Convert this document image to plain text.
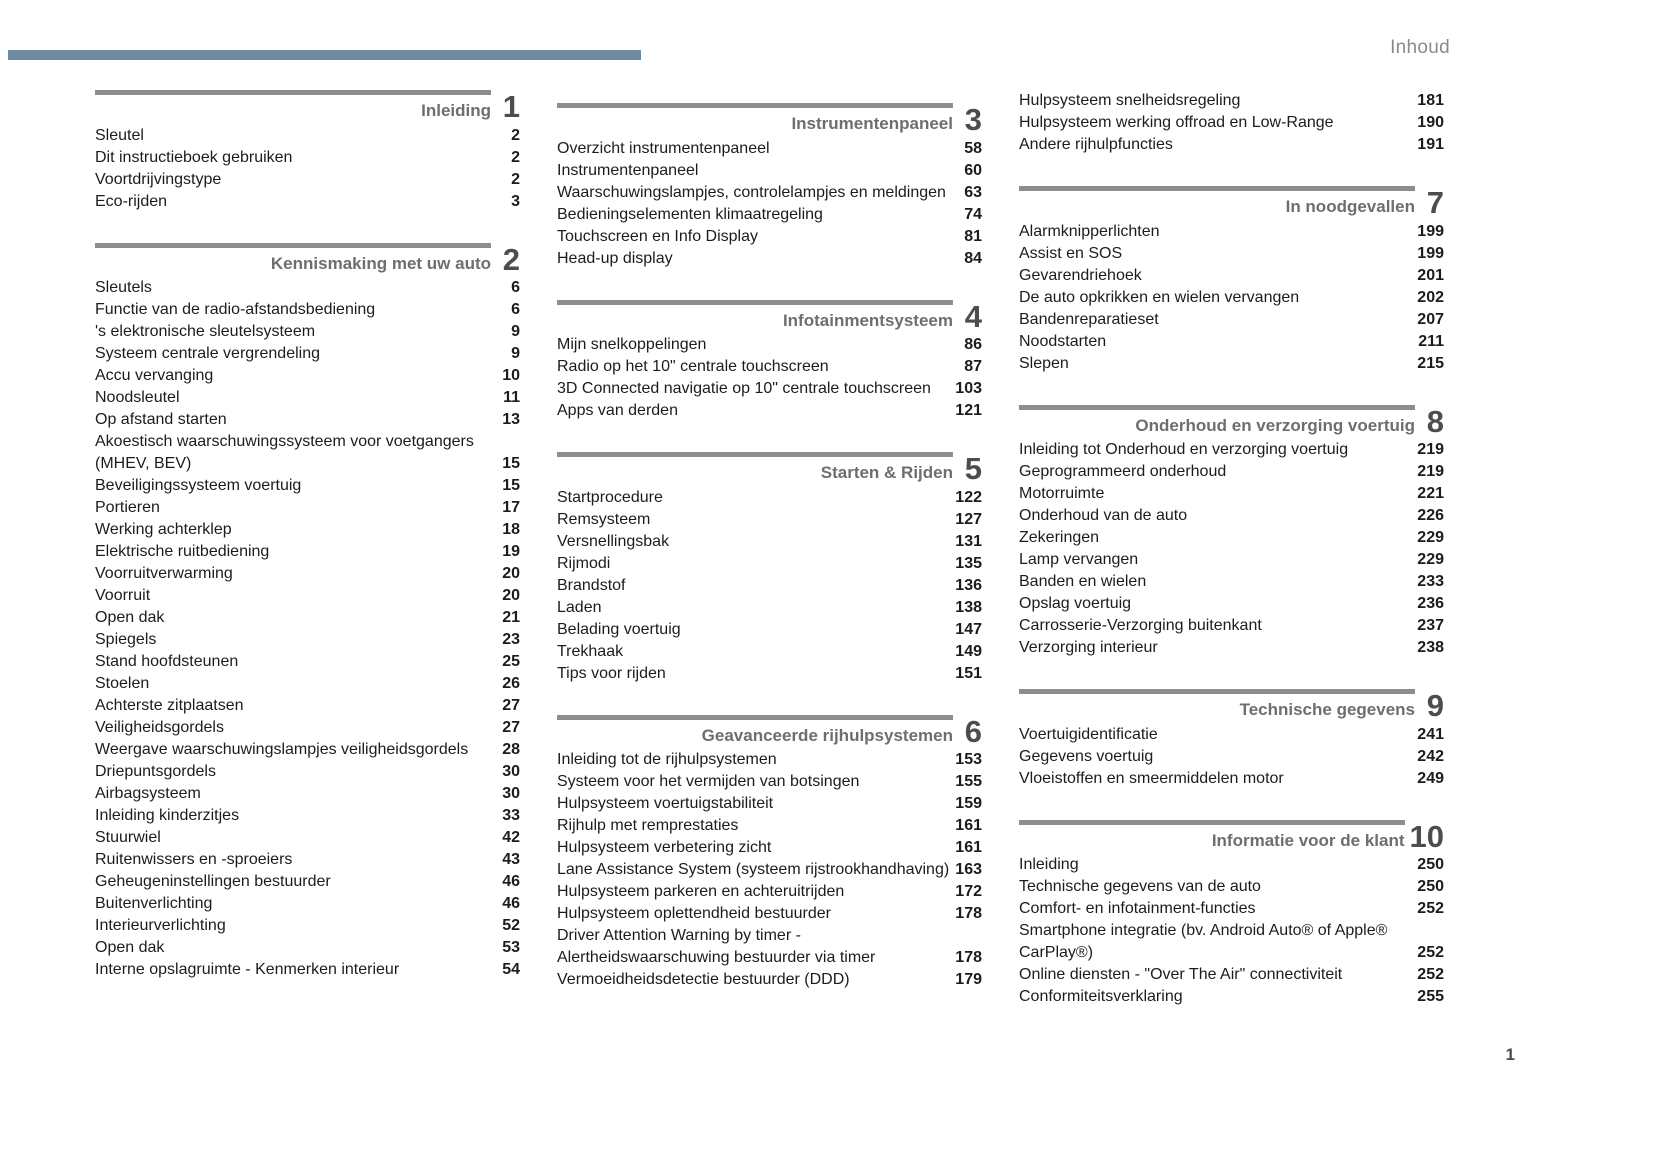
Inhoud
Inleiding 1
Sleutel	2
Dit instructieboek gebruiken	2
Voortdrijvingstype	2
Eco-rijden	3
Kennismaking met uw auto 2
Sleutels	6
Functie van de radio-afstandsbediening	6
's elektronische sleutelsysteem	9
Systeem centrale vergrendeling	9
Accu vervanging	10
Noodsleutel	11
Op afstand starten	13
Akoestisch waarschuwingssysteem voor voetgangers (MHEV, BEV)	15
Beveiligingssysteem voertuig	15
Portieren	17
Werking achterklep	18
Elektrische ruitbediening	19
Voorruitverwarming	20
Voorruit	20
Open dak	21
Spiegels	23
Stand hoofdsteunen	25
Stoelen	26
Achterste zitplaatsen	27
Veiligheidsgordels	27
Weergave waarschuwingslampjes veiligheidsgordels	28
Driepuntsgordels	30
Airbagsysteem	30
Inleiding kinderzitjes	33
Stuurwiel	42
Ruitenwissers en -sproeiers	43
Geheugeninstellingen bestuurder	46
Buitenverlichting	46
Interieurverlichting	52
Open dak	53
Interne opslagruimte - Kenmerken interieur	54
Instrumentenpaneel 3
Overzicht instrumentenpaneel	58
Instrumentenpaneel	60
Waarschuwingslampjes, controlelampjes en meldingen	63
Bedieningselementen klimaatregeling	74
Touchscreen en Info Display	81
Head-up display	84
Infotainmentsysteem 4
Mijn snelkoppelingen	86
Radio op het 10" centrale touchscreen	87
3D Connected navigatie op 10" centrale touchscreen	103
Apps van derden	121
Starten & Rijden 5
Startprocedure	122
Remsysteem	127
Versnellingsbak	131
Rijmodi	135
Brandstof	136
Laden	138
Belading voertuig	147
Trekhaak	149
Tips voor rijden	151
Geavanceerde rijhulpsystemen 6
Inleiding tot de rijhulpsystemen	153
Systeem voor het vermijden van botsingen	155
Hulpsysteem voertuigstabiliteit	159
Rijhulp met remprestaties	161
Hulpsysteem verbetering zicht	161
Lane Assistance System (systeem rijstrookhandhaving) 163
Hulpsysteem parkeren en achteruitrijden	172
Hulpsysteem oplettendheid bestuurder	178
Driver Attention Warning by timer - Alertheidswaarschuwing bestuurder via timer	178
Vermoeidheidsdetectie bestuurder (DDD)	179
Hulpsysteem snelheidsregeling	181
Hulpsysteem werking offroad en Low-Range	190
Andere rijhulpfuncties	191
In noodgevallen 7
Alarmknipperlichten	199
Assist en SOS	199
Gevarendriehoek	201
De auto opkrikken en wielen vervangen	202
Bandenreparatieset	207
Noodstarten	211
Slepen	215
Onderhoud en verzorging voertuig 8
Inleiding tot Onderhoud en verzorging voertuig	219
Geprogrammeerd onderhoud	219
Motorruimte	221
Onderhoud van de auto	226
Zekeringen	229
Lamp vervangen	229
Banden en wielen	233
Opslag voertuig	236
Carrosserie-Verzorging buitenkant	237
Verzorging interieur	238
Technische gegevens 9
Voertuigidentificatie	241
Gegevens voertuig	242
Vloeistoffen en smeermiddelen motor	249
Informatie voor de klant 10
Inleiding	250
Technische gegevens van de auto	250
Comfort- en infotainment-functies	252
Smartphone integratie (bv. Android Auto® of Apple® CarPlay®)	252
Online diensten - "Over The Air" connectiviteit	252
Conformiteitsverklaring	255
1
